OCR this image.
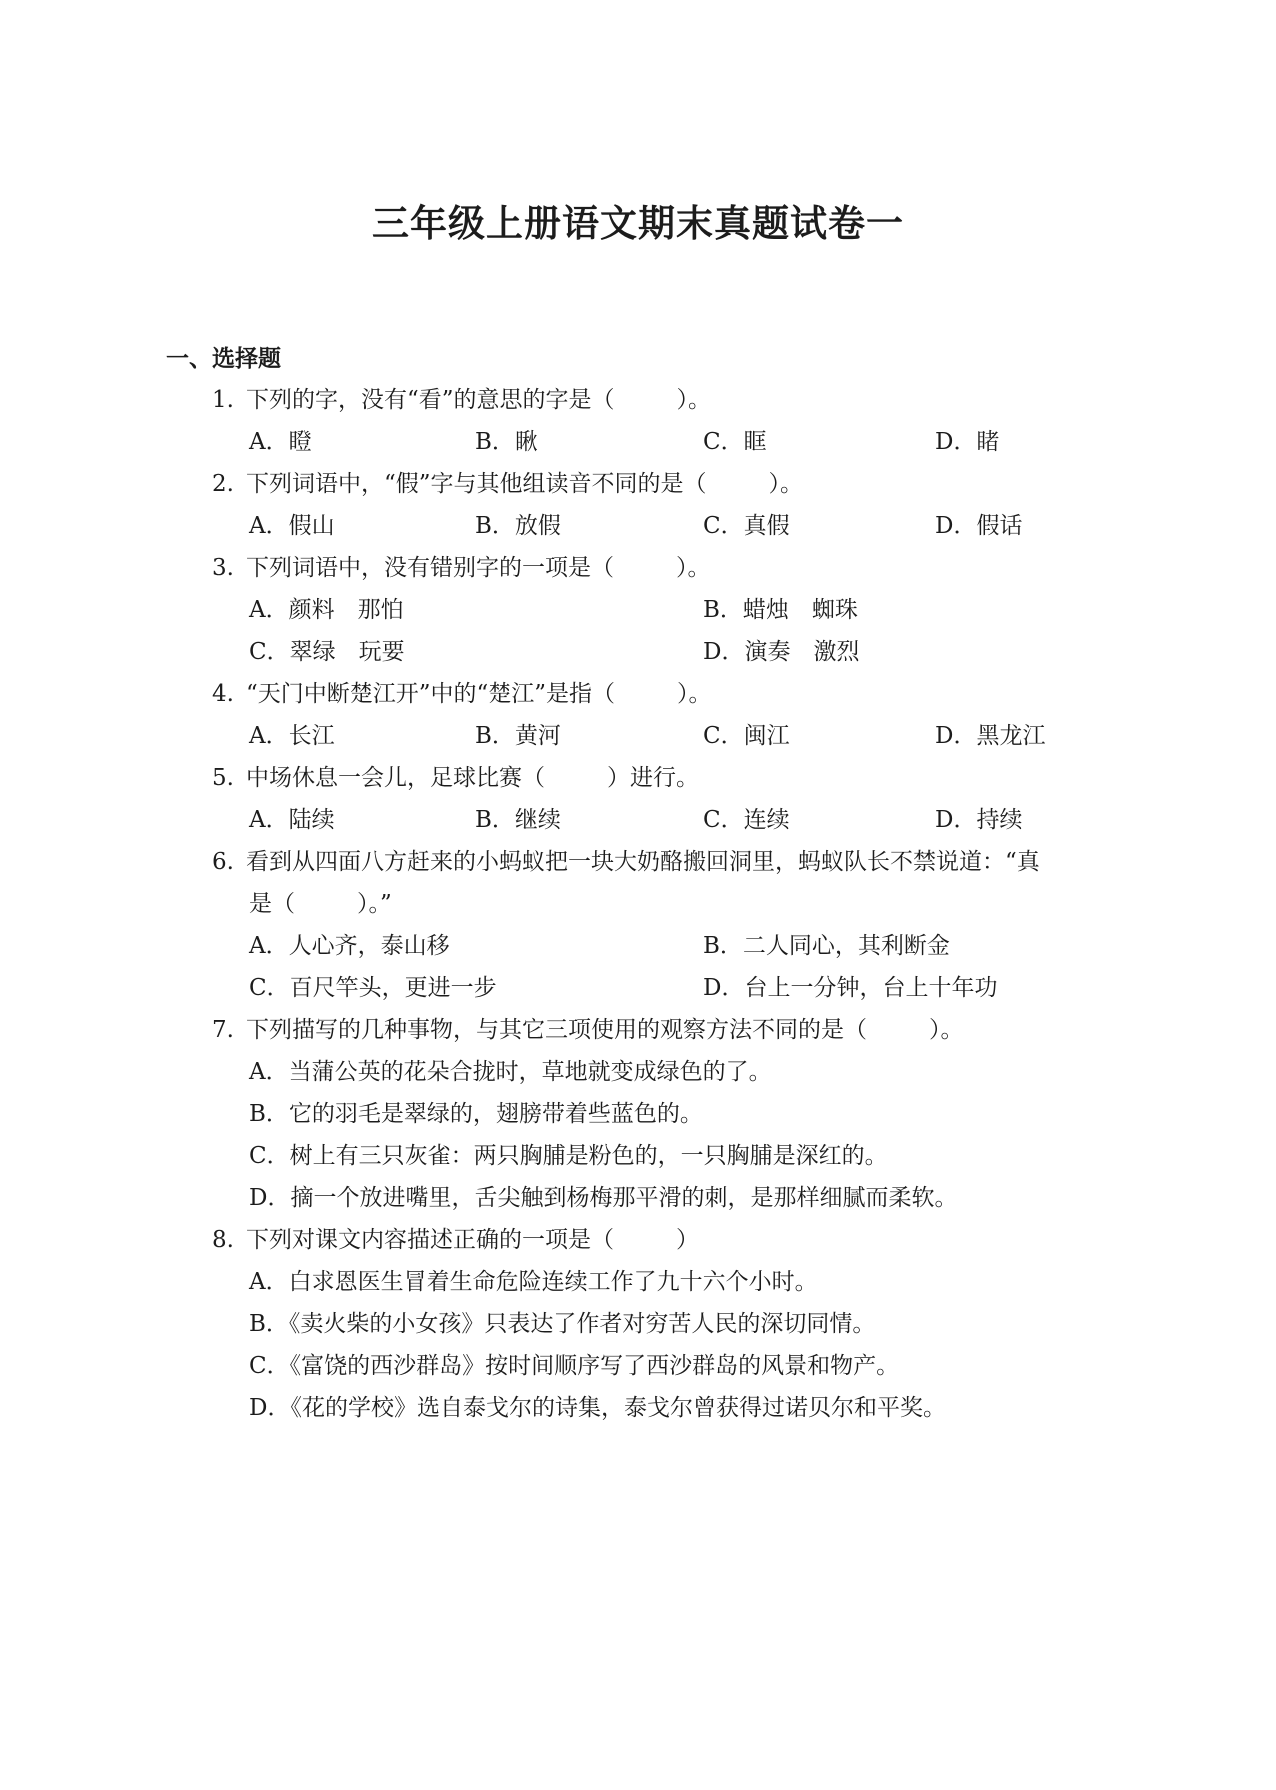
三年级上册语文期末真题试卷一
一、选择题
1. 下列的字，没有“看”的意思的字是（	）。
A．瞪	B．瞅	C．眶	D．睹
2. 下列词语中，“假”字与其他组读音不同的是（	）。
A．假山	B．放假	C．真假	D．假话
3. 下列词语中，没有错别字的一项是（	）。
A．颜料　那怕	B．蜡烛　蜘珠
C．翠绿　玩要	D．演奏　激烈
4. “天门中断楚江开”中的“楚江”是指（	）。
A．长江	B．黄河	C．闽江	D．黑龙江
5. 中场休息一会儿，足球比赛（	）进行。
A．陆续	B．继续	C．连续	D．持续
6. 看到从四面八方赶来的小蚂蚁把一块大奶酪搬回洞里，蚂蚁队长不禁说道：“真
是（	）。”
A．人心齐，泰山移	B．二人同心，其利断金
C．百尺竿头，更进一步	D．台上一分钟，台上十年功
7. 下列描写的几种事物，与其它三项使用的观察方法不同的是（	）。
A．当蒲公英的花朵合拢时，草地就变成绿色的了。
B．它的羽毛是翠绿的，翅膀带着些蓝色的。
C．树上有三只灰雀：两只胸脯是粉色的，一只胸脯是深红的。
D．摘一个放进嘴里，舌尖触到杨梅那平滑的刺，是那样细腻而柔软。
8. 下列对课文内容描述正确的一项是（	）
A．白求恩医生冒着生命危险连续工作了九十六个小时。
B．《卖火柴的小女孩》只表达了作者对穷苦人民的深切同情。
C．《富饶的西沙群岛》按时间顺序写了西沙群岛的风景和物产。
D．《花的学校》选自泰戈尔的诗集，泰戈尔曾获得过诺贝尔和平奖。
